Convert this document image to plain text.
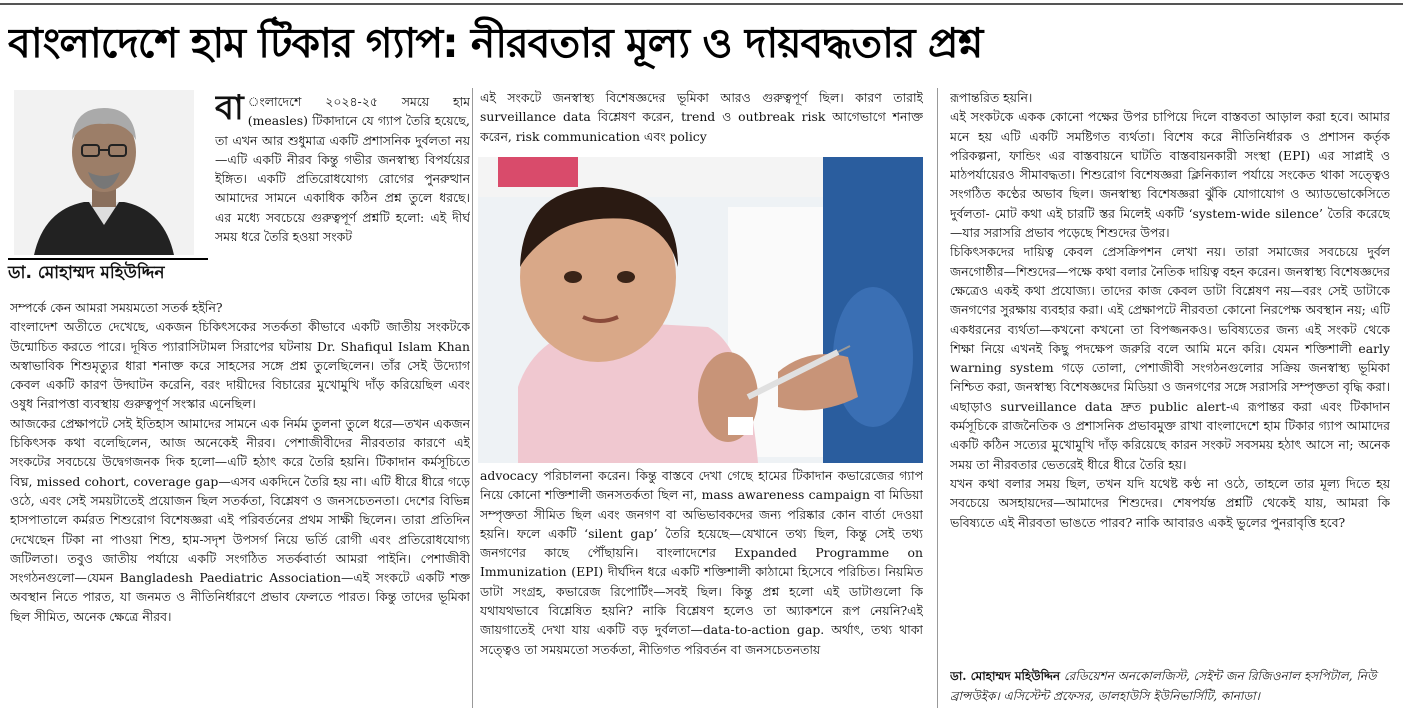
বাংলাদেশে হাম টিকার গ্যাপ: নীরবতার মূল্য ও দায়বদ্ধতার প্রশ্ন
ডা. মোহাম্মদ মহিউদ্দিন

বা ংলাদেশে ২০২৪-২৫ সময়ে হাম (measles) টিকাদানে যে গ্যাপ তৈরি হয়েছে, তা এখন আর শুধুমাত্র একটি প্রশাসনিক দুর্বলতা নয়—এটি একটি নীরব কিন্তু গভীর জনস্বাস্থ্য বিপর্যয়ের ইঙ্গিত। একটি প্রতিরোধযোগ্য রোগের পুনরুত্থান আমাদের সামনে একাধিক কঠিন প্রশ্ন তুলে ধরছে। এর মধ্যে সবচেয়ে গুরুত্বপূর্ণ প্রশ্নটি হলো: এই দীর্ঘ সময় ধরে তৈরি হওয়া সংকট

সম্পর্কে কেন আমরা সময়মতো সতর্ক হইনি?

বাংলাদেশ অতীতে দেখেছে, একজন চিকিৎসকের সতর্কতা কীভাবে একটি জাতীয় সংকটকে উন্মোচিত করতে পারে। দূষিত প্যারাসিটামল সিরাপের ঘটনায় Dr. Shafiqul Islam Khan অস্বাভাবিক শিশুমৃত্যুর ধারা শনাক্ত করে সাহসের সঙ্গে প্রশ্ন তুলেছিলেন। তাঁর সেই উদ্যোগ কেবল একটি কারণ উদ্ঘাটন করেনি, বরং দায়ীদের বিচারের মুখোমুখি দাঁড় করিয়েছিল এবং ওষুধ নিরাপত্তা ব্যবস্থায় গুরুত্বপূর্ণ সংস্কার এনেছিল।

আজকের প্রেক্ষাপটে সেই ইতিহাস আমাদের সামনে এক নির্মম তুলনা তুলে ধরে—তখন একজন চিকিৎসক কথা বলেছিলেন, আজ অনেকেই নীরব। পেশাজীবীদের নীরবতার কারণে এই সংকটের সবচেয়ে উদ্বেগজনক দিক হলো—এটি হঠাৎ করে তৈরি হয়নি। টিকাদান কর্মসূচিতে বিঘ্ন, missed cohort, coverage gap—এসব একদিনে তৈরি হয় না। এটি ধীরে ধীরে গড়ে ওঠে, এবং সেই সময়টাতেই প্রয়োজন ছিল সতর্কতা, বিশ্লেষণ ও জনসচেতনতা। দেশের বিভিন্ন হাসপাতালে কর্মরত শিশুরোগ বিশেষজ্ঞরা এই পরিবর্তনের প্রথম সাক্ষী ছিলেন। তারা প্রতিদিন দেখেছেন টিকা না পাওয়া শিশু, হাম-সদৃশ উপসর্গ নিয়ে ভর্তি রোগী এবং প্রতিরোধযোগ্য জটিলতা। তবুও জাতীয় পর্যায়ে একটি সংগঠিত সতর্কবার্তা আমরা পাইনি। পেশাজীবী সংগঠনগুলো—যেমন Bangladesh Paediatric Association—এই সংকটে একটি শক্ত অবস্থান নিতে পারত, যা জনমত ও নীতিনির্ধারণে প্রভাব ফেলতে পারত। কিন্তু তাদের ভূমিকা ছিল সীমিত, অনেক ক্ষেত্রে নীরব।

এই সংকটে জনস্বাস্থ্য বিশেষজ্ঞদের ভূমিকা আরও গুরুত্বপূর্ণ ছিল। কারণ তারাই surveillance data বিশ্লেষণ করেন, trend ও outbreak risk আগেভাগে শনাক্ত করেন, risk communication এবং policy

advocacy পরিচালনা করেন। কিন্তু বাস্তবে দেখা গেছে হামের টিকাদান কভারেজের গ্যাপ নিয়ে কোনো শক্তিশালী জনসতর্কতা ছিল না, mass awareness campaign বা মিডিয়া সম্পৃক্ততা সীমিত ছিল এবং জনগণ বা অভিভাবকদের জন্য পরিষ্কার কোন বার্তা দেওয়া হয়নি। ফলে একটি ‘silent gap’ তৈরি হয়েছে—যেখানে তথ্য ছিল, কিন্তু সেই তথ্য জনগণের কাছে পৌঁছায়নি। বাংলাদেশের Expanded Programme on Immunization (EPI) দীর্ঘদিন ধরে একটি শক্তিশালী কাঠামো হিসেবে পরিচিত। নিয়মিত ডাটা সংগ্রহ, কভারেজ রিপোর্টিং—সবই ছিল। কিন্তু প্রশ্ন হলো এই ডাটাগুলো কি যথাযথভাবে বিশ্লেষিত হয়নি? নাকি বিশ্লেষণ হলেও তা অ্যাকশনে রূপ নেয়নি?এই জায়গাতেই দেখা যায় একটি বড় দুর্বলতা—data-to-action gap. অর্থাৎ, তথ্য থাকা সত্ত্বেও তা সময়মতো সতর্কতা, নীতিগত পরিবর্তন বা জনসচেতনতায়

রূপান্তরিত হয়নি।

এই সংকটকে একক কোনো পক্ষের উপর চাপিয়ে দিলে বাস্তবতা আড়াল করা হবে। আমার মনে হয় এটি একটি সমষ্টিগত ব্যর্থতা। বিশেষ করে নীতিনির্ধারক ও প্রশাসন কর্তৃক পরিকল্পনা, ফান্ডিং এর বাস্তবায়নে ঘাটতি বাস্তবায়নকারী সংস্থা (EPI) এর সাপ্লাই ও মাঠপর্যায়েরও সীমাবদ্ধতা। শিশুরোগ বিশেষজ্ঞরা ক্লিনিক্যাল পর্যায়ে সংকেত থাকা সত্ত্বেও সংগঠিত কণ্ঠের অভাব ছিল। জনস্বাস্থ্য বিশেষজ্ঞরা ঝুঁকি যোগাযোগ ও অ্যাডভোকেসিতে দুর্বলতা- মোট কথা এই চারটি স্তর মিলেই একটি ‘system-wide silence’ তৈরি করেছে—যার সরাসরি প্রভাব পড়েছে শিশুদের উপর।

চিকিৎসকদের দায়িত্ব কেবল প্রেসক্রিপশন লেখা নয়। তারা সমাজের সবচেয়ে দুর্বল জনগোষ্ঠীর—শিশুদের—পক্ষে কথা বলার নৈতিক দায়িত্ব বহন করেন। জনস্বাস্থ্য বিশেষজ্ঞদের ক্ষেত্রেও একই কথা প্রযোজ্য। তাদের কাজ কেবল ডাটা বিশ্লেষণ নয়—বরং সেই ডাটাকে জনগণের সুরক্ষায় ব্যবহার করা। এই প্রেক্ষাপটে নীরবতা কোনো নিরপেক্ষ অবস্থান নয়; এটি একধরনের ব্যর্থতা—কখনো কখনো তা বিপজ্জনকও। ভবিষ্যতের জন্য এই সংকট থেকে শিক্ষা নিয়ে এখনই কিছু পদক্ষেপ জরুরি বলে আমি মনে করি। যেমন শক্তিশালী early warning system গড়ে তোলা, পেশাজীবী সংগঠনগুলোর সক্রিয় জনস্বাস্থ্য ভূমিকা নিশ্চিত করা, জনস্বাস্থ্য বিশেষজ্ঞদের মিডিয়া ও জনগণের সঙ্গে সরাসরি সম্পৃক্ততা বৃদ্ধি করা। এছাড়াও surveillance data দ্রুত public alert-এ রূপান্তর করা এবং টিকাদান কর্মসূচিকে রাজনৈতিক ও প্রশাসনিক প্রভাবমুক্ত রাখা বাংলাদেশে হাম টিকার গ্যাপ আমাদের একটি কঠিন সত্যের মুখোমুখি দাঁড় করিয়েছে কারন সংকট সবসময় হঠাৎ আসে না; অনেক সময় তা নীরবতার ভেতরেই ধীরে ধীরে তৈরি হয়।

যখন কথা বলার সময় ছিল, তখন যদি যথেষ্ট কণ্ঠ না ওঠে, তাহলে তার মূল্য দিতে হয় সবচেয়ে অসহায়দের—আমাদের শিশুদের। শেষপর্যন্ত প্রশ্নটি থেকেই যায়, আমরা কি ভবিষ্যতে এই নীরবতা ভাঙতে পারব? নাকি আবারও একই ভুলের পুনরাবৃত্তি হবে?

ডা. মোহাম্মদ মহিউদ্দিন রেডিয়েশন অনকোলজিস্ট, সেইন্ট জন রিজিওনাল হসপিটাল, নিউ ব্রান্সউইক। এসিস্টেন্ট প্রফেসর, ডালহাউসি ইউনিভার্সিটি, কানাডা।
